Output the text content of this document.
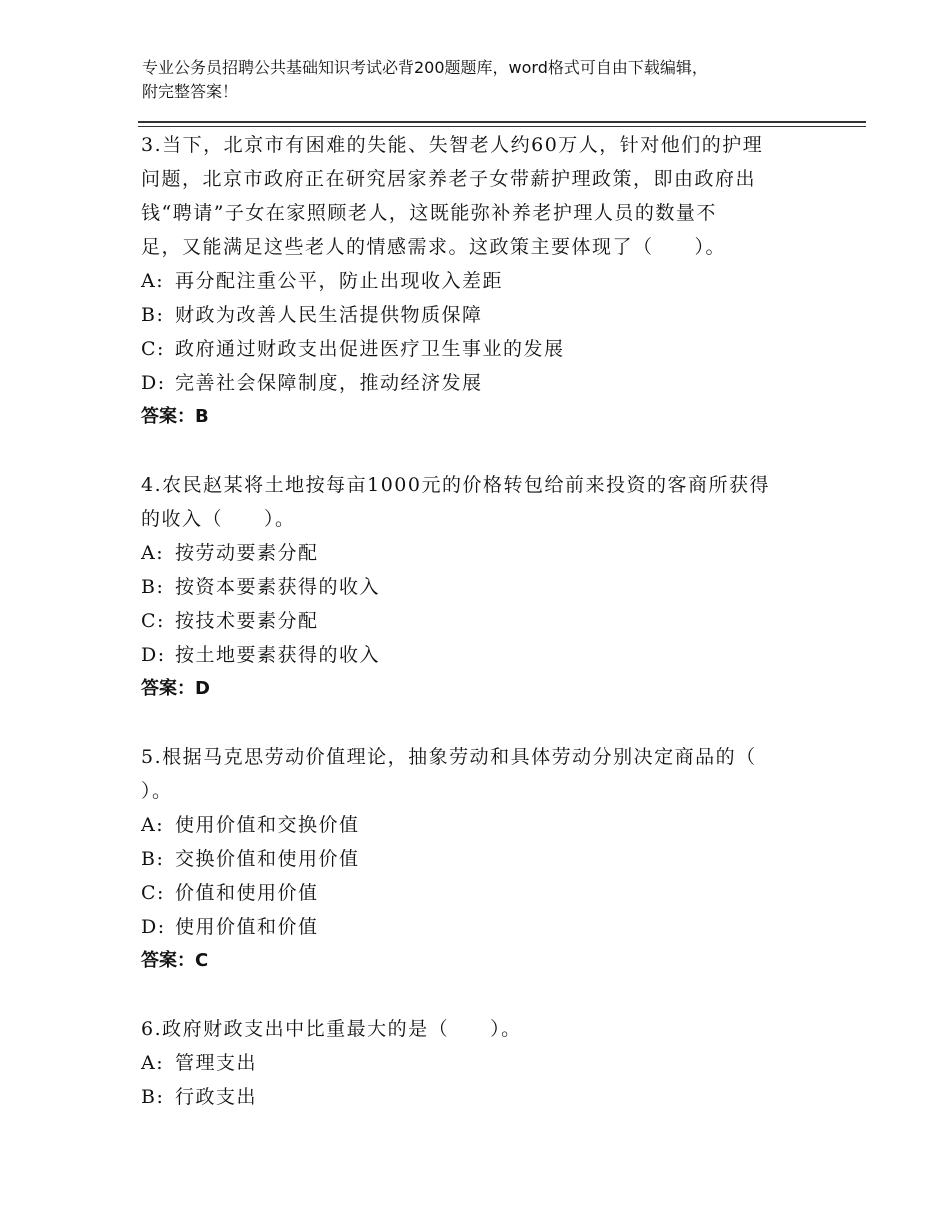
专业公务员招聘公共基础知识考试必背200题题库，word格式可自由下载编辑，
附完整答案！

3.当下，北京市有困难的失能、失智老人约60万人，针对他们的护理

问题，北京市政府正在研究居家养老子女带薪护理政策，即由政府出

钱“聘请”子女在家照顾老人，这既能弥补养老护理人员的数量不

足，又能满足这些老人的情感需求。这政策主要体现了（　　）。

A: 再分配注重公平，防止出现收入差距

B: 财政为改善人民生活提供物质保障

C: 政府通过财政支出促进医疗卫生事业的发展

D: 完善社会保障制度，推动经济发展

答案：B

4.农民赵某将土地按每亩1000元的价格转包给前来投资的客商所获得

的收入（　　）。

A: 按劳动要素分配

B: 按资本要素获得的收入

C: 按技术要素分配

D: 按土地要素获得的收入

答案：D

5.根据马克思劳动价值理论，抽象劳动和具体劳动分别决定商品的（

）。

A: 使用价值和交换价值

B: 交换价值和使用价值

C: 价值和使用价值

D: 使用价值和价值

答案：C

6.政府财政支出中比重最大的是（　　）。

A: 管理支出

B: 行政支出
